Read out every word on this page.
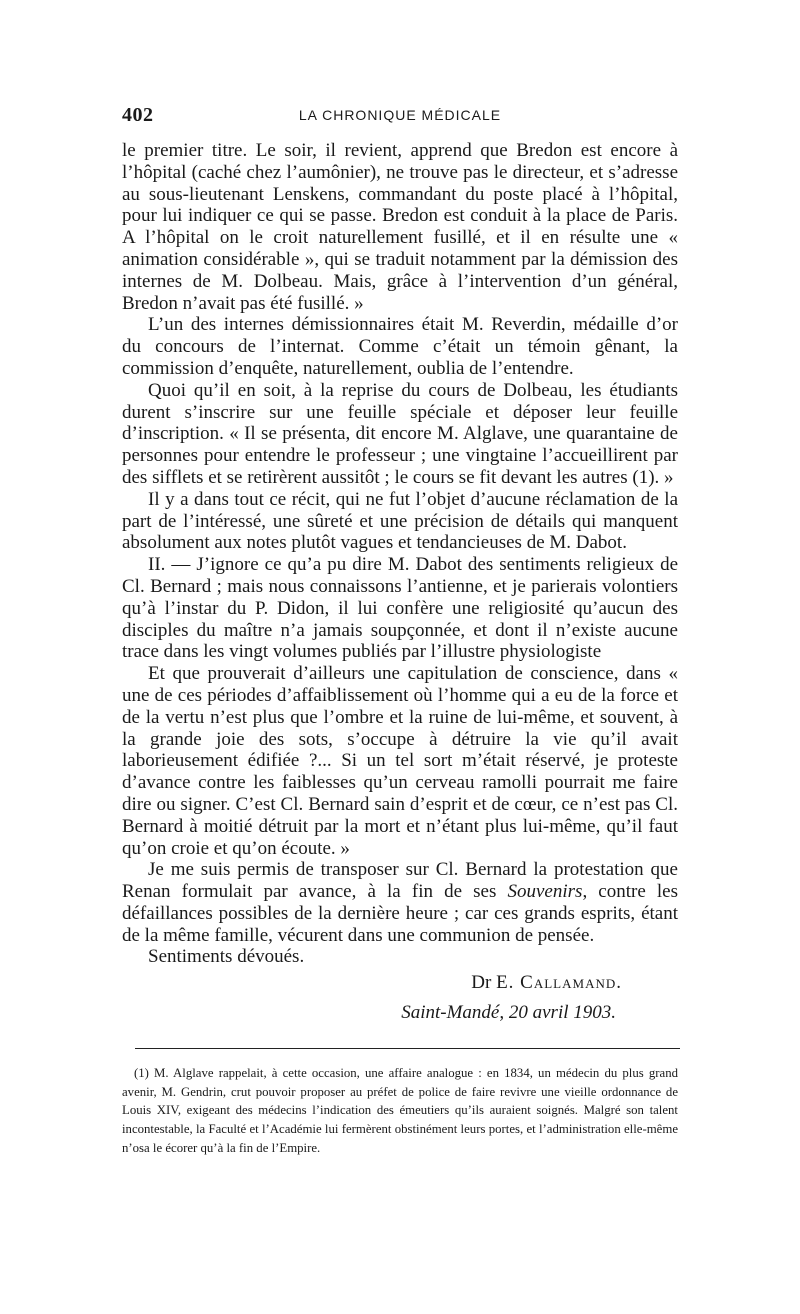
402	LA CHRONIQUE MÉDICALE

le premier titre. Le soir, il revient, apprend que Bredon est encore à l’hôpital (caché chez l’aumônier), ne trouve pas le directeur, et s’adresse au sous-lieutenant Lenskens, commandant du poste placé à l’hôpital, pour lui indiquer ce qui se passe. Bredon est conduit à la place de Paris. A l’hôpital on le croit naturellement fusillé, et il en résulte une « animation considérable », qui se traduit notamment par la démission des internes de M. Dolbeau. Mais, grâce à l’intervention d’un général, Bredon n’avait pas été fusillé. »

L’un des internes démissionnaires était M. Reverdin, médaille d’or du concours de l’internat. Comme c’était un témoin gênant, la commission d’enquête, naturellement, oublia de l’entendre.

Quoi qu’il en soit, à la reprise du cours de Dolbeau, les étudiants durent s’inscrire sur une feuille spéciale et déposer leur feuille d’inscription. « Il se présenta, dit encore M. Alglave, une quarantaine de personnes pour entendre le professeur ; une vingtaine l’accueillirent par des sifflets et se retirèrent aussitôt ; le cours se fit devant les autres (1). »

Il y a dans tout ce récit, qui ne fut l’objet d’aucune réclamation de la part de l’intéressé, une sûreté et une précision de détails qui manquent absolument aux notes plutôt vagues et tendancieuses de M. Dabot.

II. — J’ignore ce qu’a pu dire M. Dabot des sentiments religieux de Cl. Bernard ; mais nous connaissons l’antienne, et je parierais volontiers qu’à l’instar du P. Didon, il lui confère une religiosité qu’aucun des disciples du maître n’a jamais soupçonnée, et dont il n’existe aucune trace dans les vingt volumes publiés par l’illustre physiologiste

Et que prouverait d’ailleurs une capitulation de conscience, dans « une de ces périodes d’affaiblissement où l’homme qui a eu de la force et de la vertu n’est plus que l’ombre et la ruine de lui-même, et souvent, à la grande joie des sots, s’occupe à détruire la vie qu’il avait laborieusement édifiée ?... Si un tel sort m’était réservé, je proteste d’avance contre les faiblesses qu’un cerveau ramolli pourrait me faire dire ou signer. C’est Cl. Bernard sain d’esprit et de cœur, ce n’est pas Cl. Bernard à moitié détruit par la mort et n’étant plus lui-même, qu’il faut qu’on croie et qu’on écoute. »

Je me suis permis de transposer sur Cl. Bernard la protestation que Renan formulait par avance, à la fin de ses Souvenirs, contre les défaillances possibles de la dernière heure ; car ces grands esprits, étant de la même famille, vécurent dans une communion de pensée.

Sentiments dévoués.

Dr E. Callamand.
Saint-Mandé, 20 avril 1903.
(1) M. Alglave rappelait, à cette occasion, une affaire analogue : en 1834, un médecin du plus grand avenir, M. Gendrin, crut pouvoir proposer au préfet de police de faire revivre une vieille ordonnance de Louis XIV, exigeant des médecins l’indication des émeutiers qu’ils auraient soignés. Malgré son talent incontestable, la Faculté et l’Académie lui fermèrent obstinément leurs portes, et l’administration elle-même n’osa le écorer qu’à la fin de l’Empire.
